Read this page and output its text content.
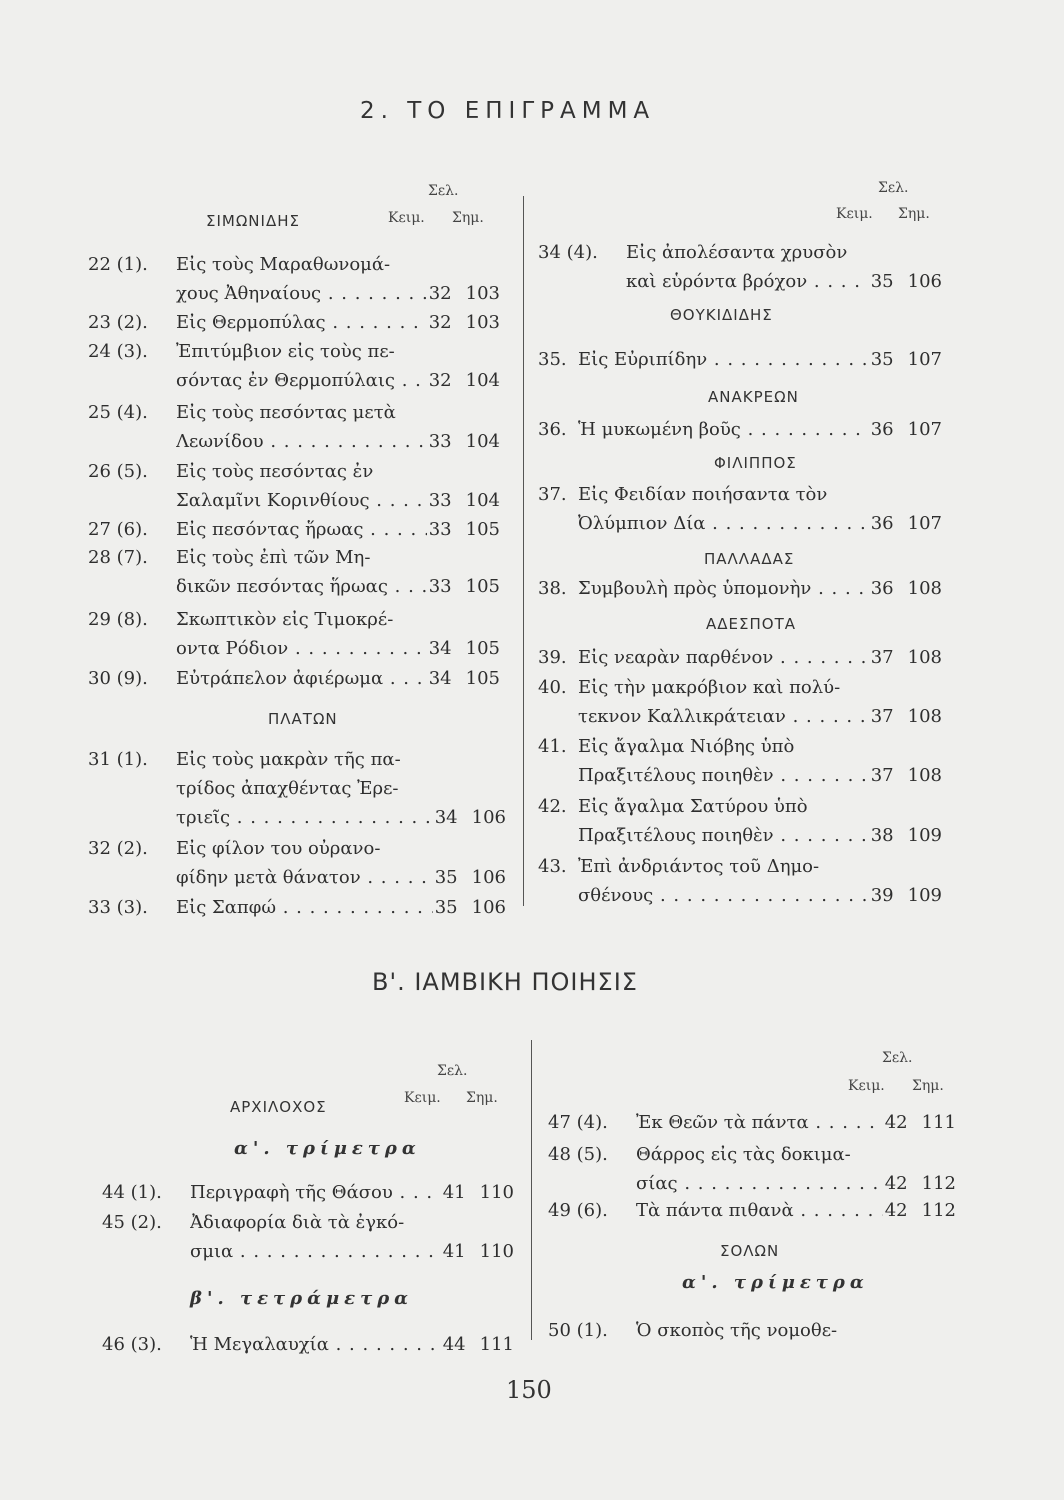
2. ΤΟ ΕΠΙΓΡΑΜΜΑ
Β'. ΙΑΜΒΙΚΗ ΠΟΙΗΣΙΣ
Σελ.
Κειμ. Σημ.
ΣΙΜΩΝΙΔΗΣ
Σελ.
Κειμ. Σημ.
ΘΟΥΚΙΔΙΔΗΣ
ΑΝΑΚΡΕΩΝ
ΦΙΛΙΠΠΟΣ
ΠΑΛΛΑΔΑΣ
ΑΔΕΣΠΟΤΑ
ΠΛΑΤΩΝ
Σελ.
Κειμ. Σημ.
ΑΡΧΙΛΟΧΟΣ
α'. τρίμετρα
β'. τετράμετρα
Σελ.
Κειμ. Σημ.
ΣΟΛΩΝ
α'. τρίμετρα
22 (1). Εἰς τοὺς Μαραθωνομά-
χους Ἀθηναίους . . .	32 103
23 (2). Εἰς Θερμοπύλας . . .	32 103
24 (3). Ἐπιτύμβιον εἰς τοὺς πε-
σόντας ἐν Θερμοπύλαις . . .	32 104
25 (4). Εἰς τοὺς πεσόντας μετὰ
Λεωνίδου . . .	33 104
26 (5). Εἰς τοὺς πεσόντας ἐν
Σαλαμῖνι Κορινθίους . . .	33 104
27 (6). Εἰς πεσόντας ἥρωας . . .	33 105
28 (7). Εἰς τοὺς ἐπὶ τῶν Μη-
δικῶν πεσόντας ἥρωας . . .	33 105
29 (8). Σκωπτικὸν εἰς Τιμοκρέ-
οντα Ρόδιον . . .	34 105
30 (9). Εὐτράπελον ἀφιέρωμα . . .	34 105
31 (1). Εἰς τοὺς μακρὰν τῆς πα-
τρίδος ἀπαχθέντας Ἐρε-
τριεῖς . . .	34 106
32 (2). Εἰς φίλον του οὐρανο-
φίδην μετὰ θάνατον . . .	35 106
33 (3). Εἰς Σαπφώ . . .	35 106
34 (4). Εἰς ἀπολέσαντα χρυσὸν
καὶ εὑρόντα βρόχον . . .	35 106
35. Εἰς Εὐριπίδην . . .	35 107
36. Ἡ μυκωμένη βοῦς . . .	36 107
37. Εἰς Φειδίαν ποιήσαντα τὸν
Ὀλύμπιον Δία . . .	36 107
38. Συμβουλὴ πρὸς ὑπομονὴν . . .	36 108
39. Εἰς νεαρὰν παρθένον . . .	37 108
40. Εἰς τὴν μακρόβιον καὶ πολύ-
τεκνον Καλλικράτειαν . . .	37 108
41. Εἰς ἄγαλμα Νιόβης ὑπὸ
Πραξιτέλους ποιηθὲν . . .	37 108
42. Εἰς ἄγαλμα Σατύρου ὑπὸ
Πραξιτέλους ποιηθὲν . . .	38 109
43. Ἐπὶ ἀνδριάντος τοῦ Δημο-
σθένους . . .	39 109
44 (1). Περιγραφὴ τῆς Θάσου . . .	41 110
45 (2). Ἀδιαφορία διὰ τὰ ἐγκό-
σμια . . .	41 110
46 (3). Ἡ Μεγαλαυχία . . .	44 111
47 (4). Ἐκ Θεῶν τὰ πάντα . . .	42 111
48 (5). Θάρρος εἰς τὰς δοκιμα-
σίας . . .	42 112
49 (6). Τὰ πάντα πιθανὰ . . .	42 112
50 (1). Ὁ σκοπὸς τῆς νομοθε-
150
